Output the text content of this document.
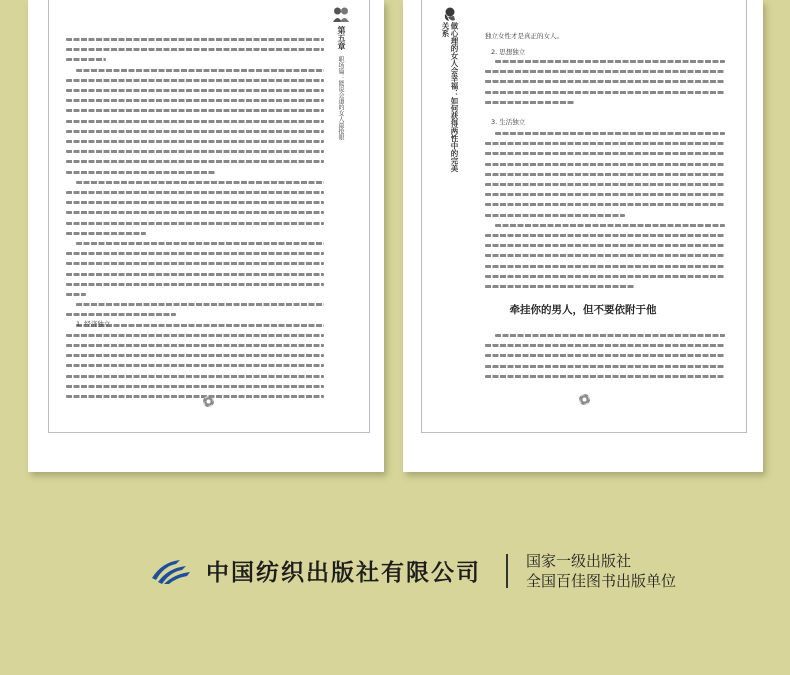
第五章
职场篇：能说会道的女人最抢眼
1. 经济独立
做心理的女人会幸福：如何获得两性中的完美关系	独立女性才是真正的女人。
2. 思想独立
3. 生活独立
牵挂你的男人，但不要依附于他
中国纺织出版社有限公司	国家一级出版社
全国百佳图书出版单位
